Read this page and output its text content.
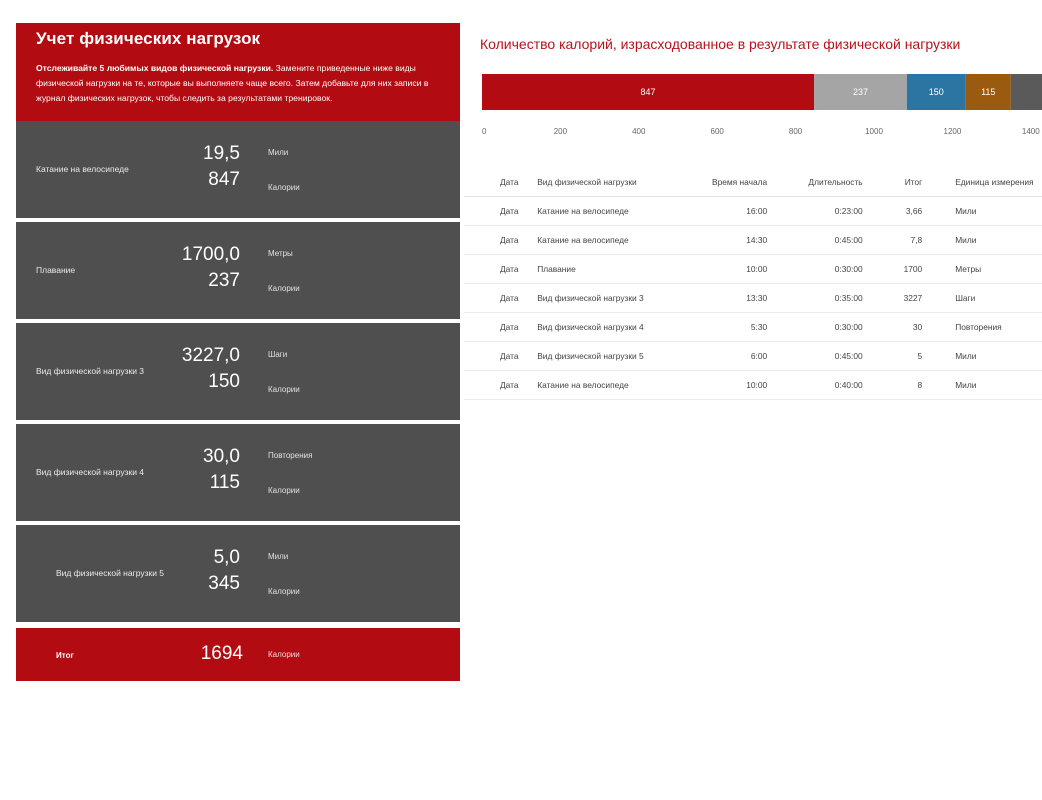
Учет физических нагрузок
Отслеживайте 5 любимых видов физической нагрузки. Замените приведенные ниже виды физической нагрузки на те, которые вы выполняете чаще всего. Затем добавьте для них записи в журнал физических нагрузок, чтобы следить за результатами тренировок.
Катание на велосипеде
19,5	Мили
847	Калории
Плавание
1700,0	Метры
237	Калории
Вид физической нагрузки 3
3227,0	Шаги
150	Калории
Вид физической нагрузки 4
30,0	Повторения
115	Калории
Вид физической нагрузки 5
5,0	Мили
345	Калории
Итог	1694	Калории
Количество калорий, израсходованное в результате физической нагрузки
847	237	150	115
0	200	400	600	800	1000	1200	1400
Дата	Вид физической нагрузки	Время начала	Длительность	Итог	Единица измерения
Дата	Катание на велосипеде	16:00	0:23:00	3,66	Мили
Дата	Катание на велосипеде	14:30	0:45:00	7,8	Мили
Дата	Плавание	10:00	0:30:00	1700	Метры
Дата	Вид физической нагрузки 3	13:30	0:35:00	3227	Шаги
Дата	Вид физической нагрузки 4	5:30	0:30:00	30	Повторения
Дата	Вид физической нагрузки 5	6:00	0:45:00	5	Мили
Дата	Катание на велосипеде	10:00	0:40:00	8	Мили
